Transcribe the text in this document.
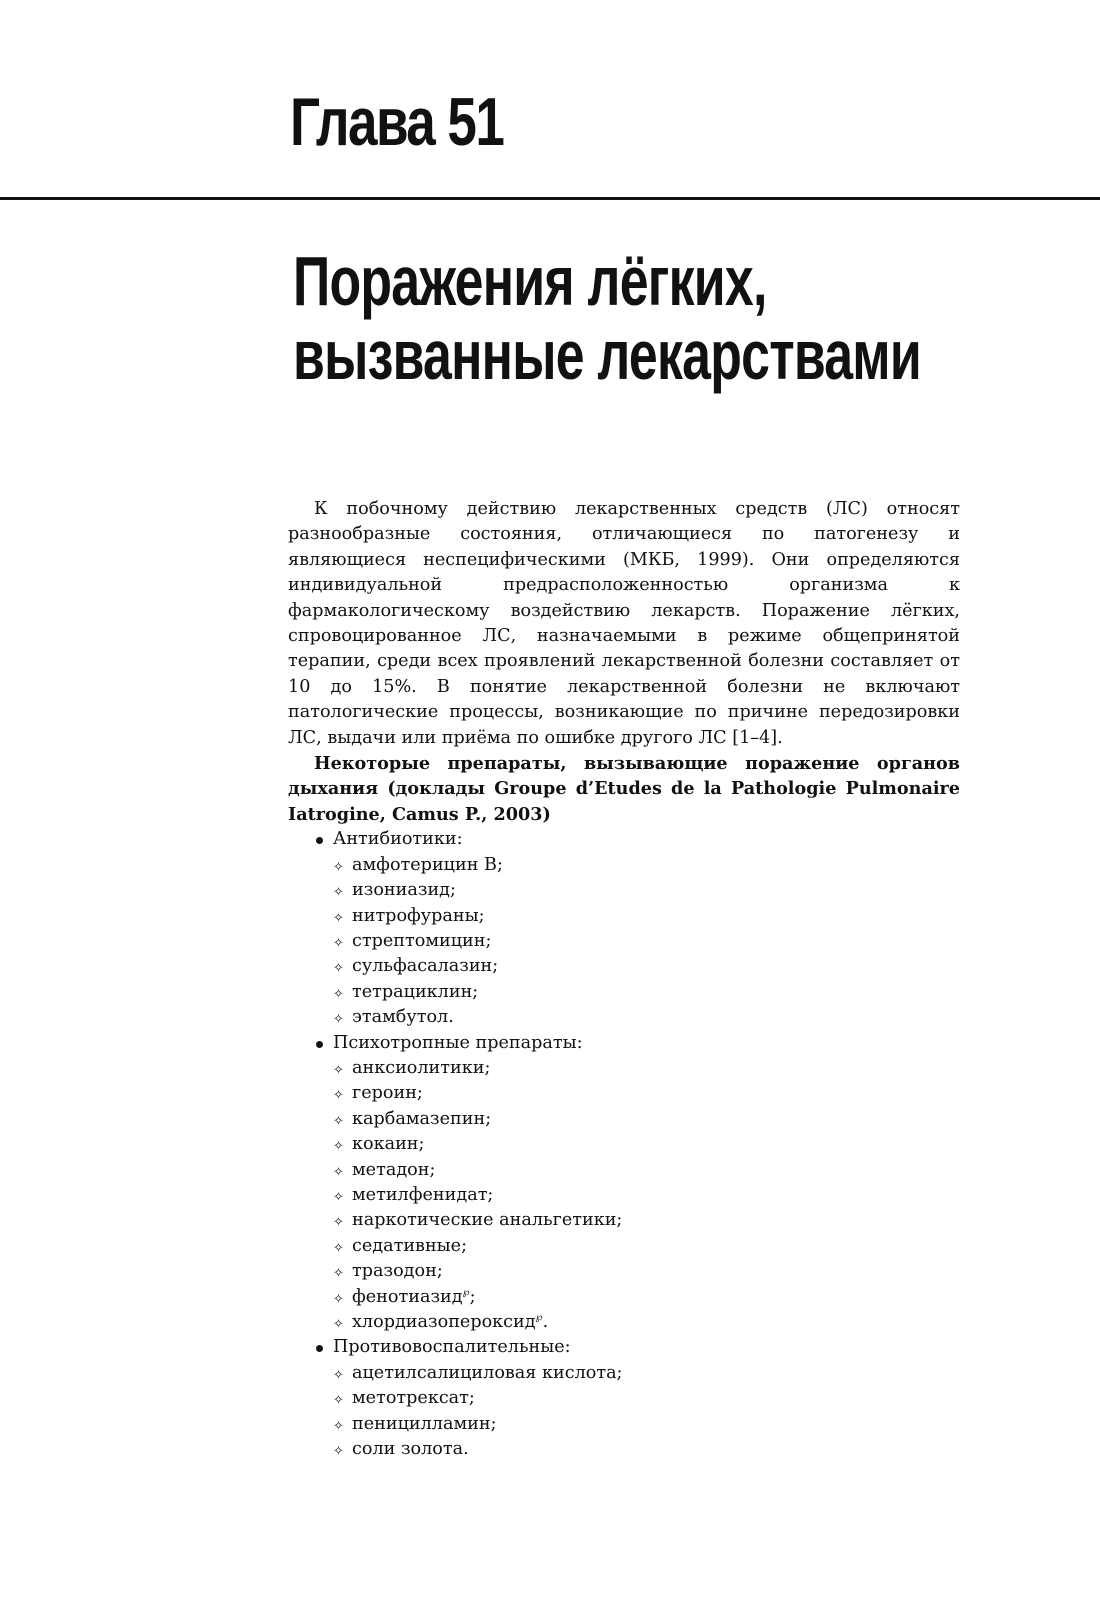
Глава 51
Поражения лёгких,
вызванные лекарствами

К побочному действию лекарственных средств (ЛС) относят разнообразные состояния, отличающиеся по патогенезу и являющиеся неспецифическими (МКБ, 1999). Они определяются индивидуальной предрасположенностью организма к фармакологическому воздействию лекарств. Поражение лёгких, спровоцированное ЛС, назначаемыми в режиме общепринятой терапии, среди всех проявлений лекарственной болезни составляет от 10 до 15%. В понятие лекарственной болезни не включают патологические процессы, возникающие по причине передозировки ЛС, выдачи или приёма по ошибке другого ЛС [1–4].

Некоторые препараты, вызывающие поражение органов дыхания (доклады Groupe d’Etudes de la Pathologie Pulmonaire Iatrogine, Camus P., 2003)

Антибиотики:
✧ амфотерицин В;
✧ изониазид;
✧ нитрофураны;
✧ стрептомицин;
✧ сульфасалазин;
✧ тетрациклин;
✧ этамбутол.
Психотропные препараты:
✧ анксиолитики;
✧ героин;
✧ карбамазепин;
✧ кокаин;
✧ метадон;
✧ метилфенидат;
✧ наркотические анальгетики;
✧ седативные;
✧ тразодон;
✧ фенотиазид℘;
✧ хлордиазопероксид℘.
Противовоспалительные:
✧ ацетилсалициловая кислота;
✧ метотрексат;
✧ пеницилламин;
✧ соли золота.
